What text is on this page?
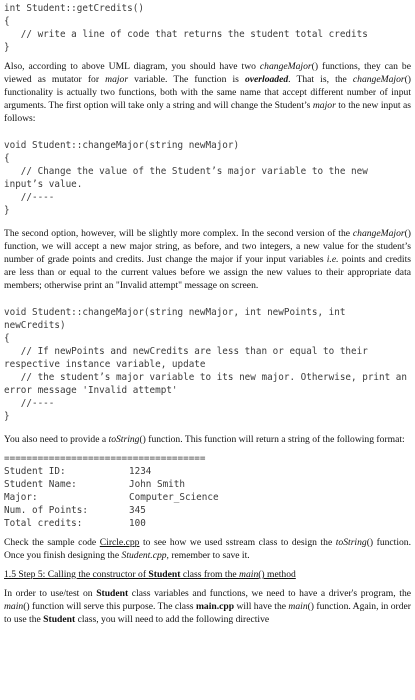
int Student::getCredits()

{

// write a line of code that returns the student total credits

}

Also, according to above UML diagram, you should have two changeMajor() functions, they can be viewed as mutator for major variable. The function is overloaded. That is, the changeMajor() functionality is actually two functions, both with the same name that accept different number of input arguments. The first option will take only a string and will change the Student’s major to the new input as follows:

void Student::changeMajor(string newMajor)

{

// Change the value of the Student’s major variable to the new input’s value.

//----

}

The second option, however, will be slightly more complex. In the second version of the changeMajor() function, we will accept a new major string, as before, and two integers, a new value for the student’s number of grade points and credits. Just change the major if your input variables i.e. points and credits are less than or equal to the current values before we assign the new values to their appropriate data members; otherwise print an "Invalid attempt" message on screen.

void Student::changeMajor(string newMajor, int newPoints, int newCredits)

{

// If newPoints and newCredits are less than or equal to their respective instance variable, update

// the student’s major variable to its new major. Otherwise, print an error message 'Invalid attempt'

//----

}

You also need to provide a toString() function. This function will return a string of the following format:

====================================

Student ID:	1234
Student Name:	John Smith
Major:	Computer_Science
Num. of Points:	345
Total credits:	100

Check the sample code Circle.cpp to see how we used sstream class to design the toString() function. Once you finish designing the Student.cpp, remember to save it.

1.5 Step 5: Calling the constructor of Student class from the main() method

In order to use/test on Student class variables and functions, we need to have a driver's program, the main() function will serve this purpose. The class main.cpp will have the main() function. Again, in order to use the Student class, you will need to add the following directive
